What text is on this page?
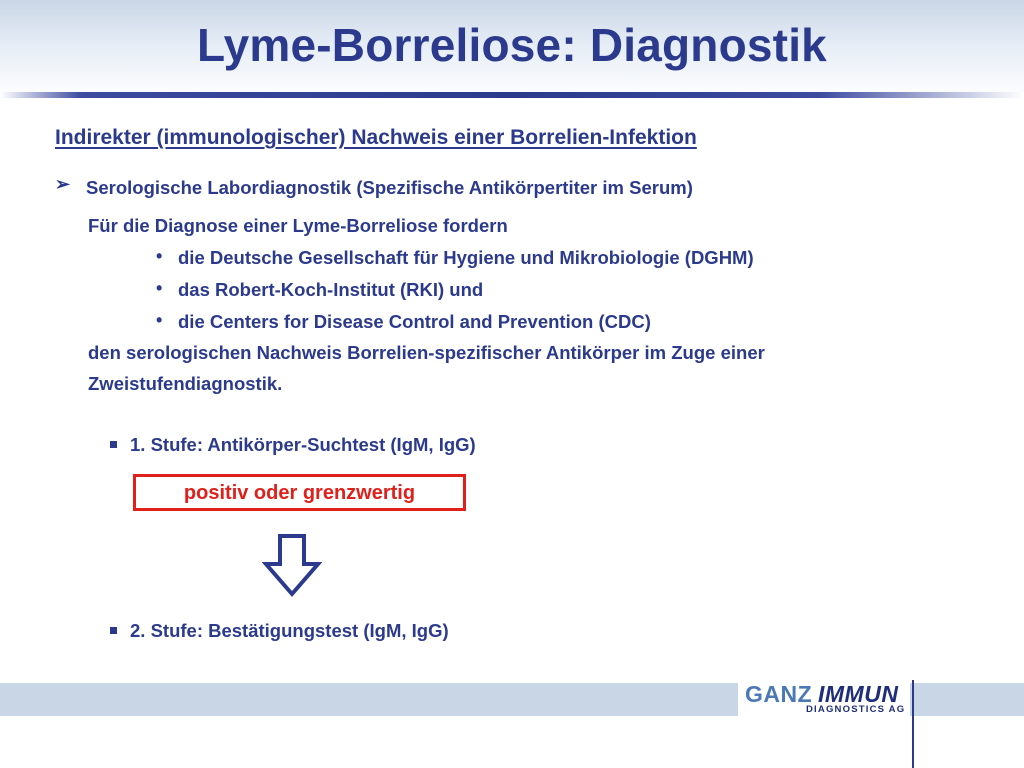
Lyme-Borreliose: Diagnostik
Indirekter (immunologischer) Nachweis einer Borrelien-Infektion
➢ Serologische Labordiagnostik (Spezifische Antikörpertiter im Serum)
Für die Diagnose einer Lyme-Borreliose fordern
• die Deutsche Gesellschaft für Hygiene und Mikrobiologie (DGHM)
• das Robert-Koch-Institut (RKI) und
• die Centers for Disease Control and Prevention (CDC)
den serologischen Nachweis Borrelien-spezifischer Antikörper im Zuge einer
Zweistufendiagnostik.
1. Stufe: Antikörper-Suchtest (IgM, IgG)
positiv oder grenzwertig
2. Stufe: Bestätigungstest (IgM, IgG)
GANZ IMMUN
DIAGNOSTICS AG
